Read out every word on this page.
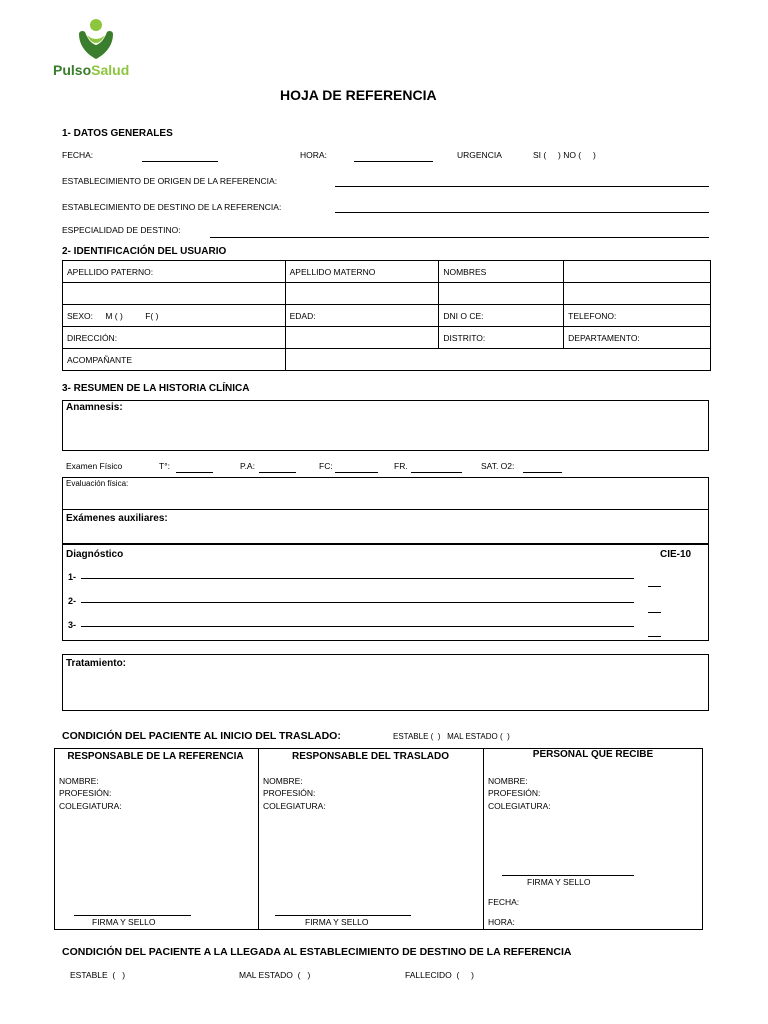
PulsoSalud
HOJA DE REFERENCIA
1- DATOS GENERALES
FECHA:	HORA:	URGENCIA	SI ( ) NO ( )
ESTABLECIMIENTO DE ORIGEN DE LA REFERENCIA:
ESTABLECIMIENTO DE DESTINO DE LA REFERENCIA:
ESPECIALIDAD DE DESTINO:
2- IDENTIFICACIÓN DEL USUARIO
APELLIDO PATERNO:	APELLIDO MATERNO	NOMBRES	

SEXO: M ( ) F( )	EDAD:	DNI O CE:	TELEFONO:
DIRECCIÓN:		DISTRITO:	DEPARTAMENTO:
ACOMPAÑANTE			
3- RESUMEN DE LA HISTORIA CLÍNICA
Anamnesis:
Examen Físico	T°:	P.A:	FC:	FR.	SAT. O2:
Evaluación física:
Exámenes auxiliares:
Diagnóstico	CIE-10
1-
2-
3-
Tratamiento:
CONDICIÓN DEL PACIENTE AL INICIO DEL TRASLADO:	ESTABLE (  )   MAL ESTADO (  )
RESPONSABLE DE LA REFERENCIA
NOMBRE:
PROFESIÓN:
COLEGIATURA:
FIRMA Y SELLO
RESPONSABLE DEL TRASLADO
NOMBRE:
PROFESIÓN:
COLEGIATURA:
FIRMA Y SELLO
PERSONAL QUE RECIBE
NOMBRE:
PROFESIÓN:
COLEGIATURA:
FIRMA Y SELLO
FECHA:
HORA:
CONDICIÓN DEL PACIENTE A LA LLEGADA AL ESTABLECIMIENTO DE DESTINO DE LA REFERENCIA
ESTABLE  (   )	MAL ESTADO  (   )	FALLECIDO  (     )
